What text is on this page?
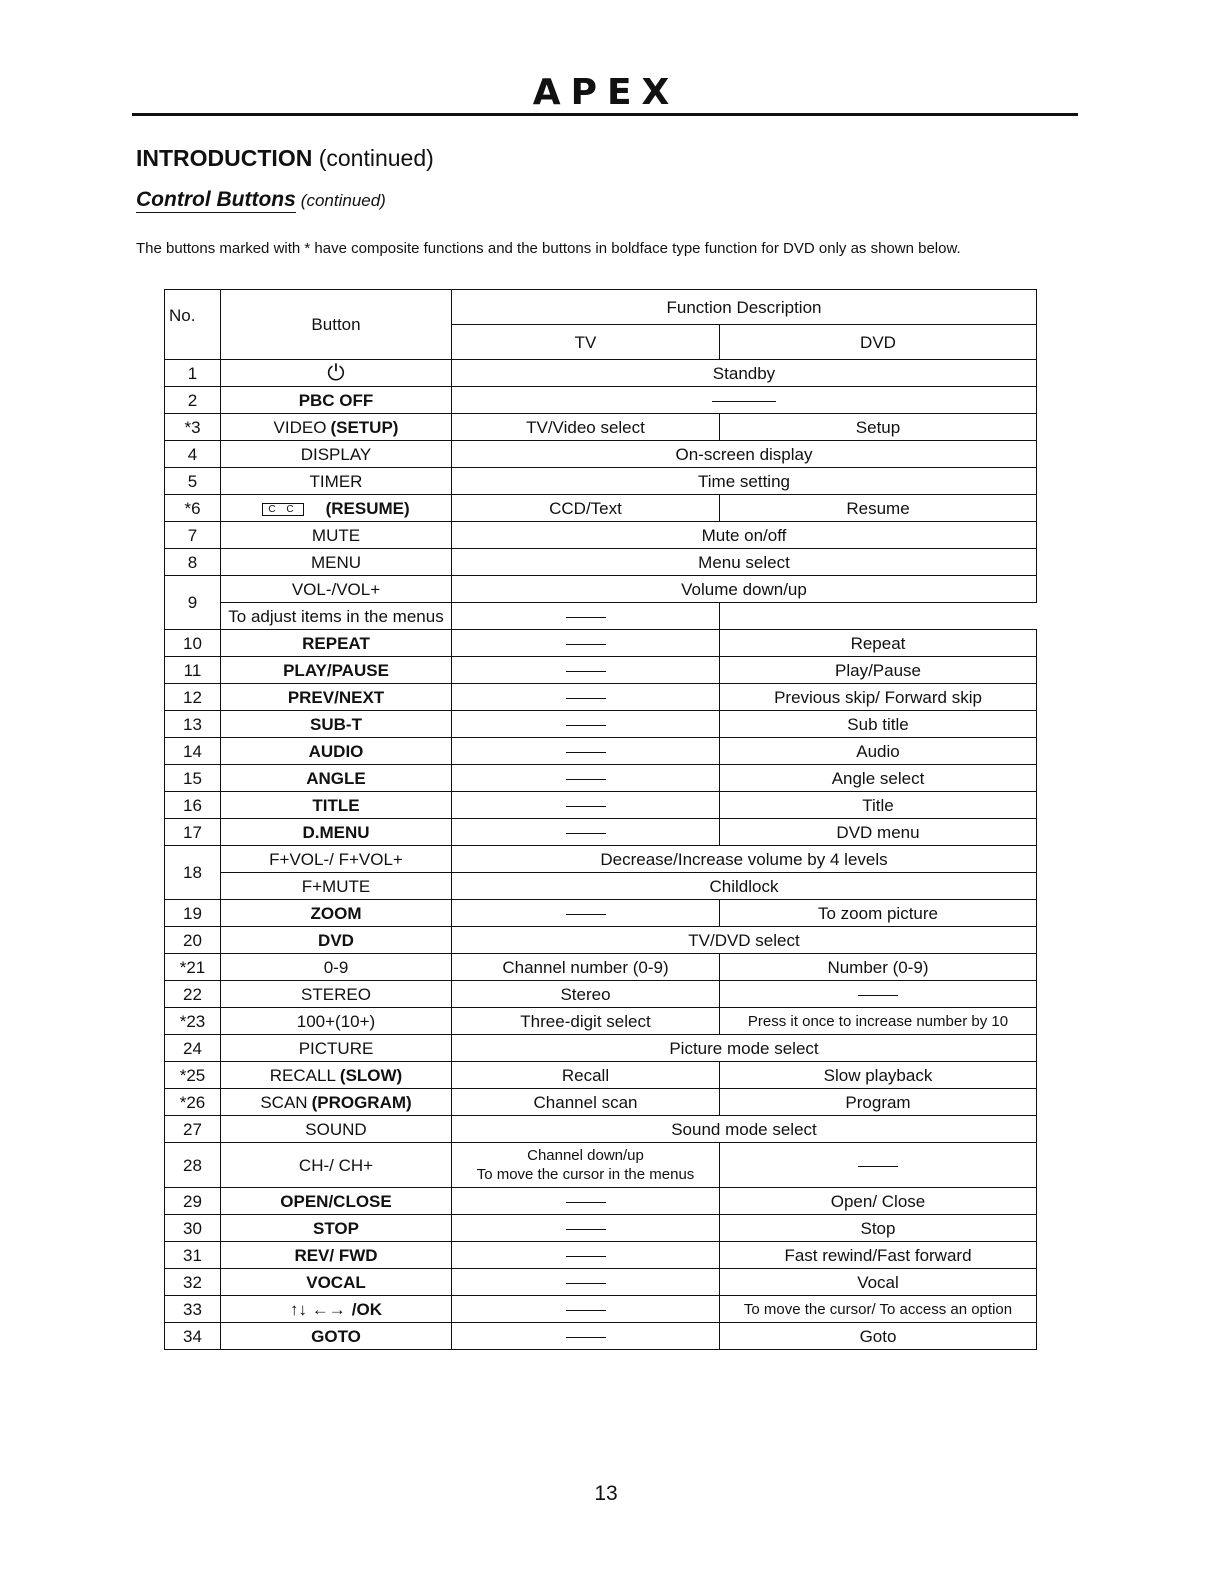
APEX
INTRODUCTION (continued)
Control Buttons (continued)
The buttons marked with * have composite functions and the buttons in boldface type function for DVD only as shown below.
No.	Button	Function Description	
		TV	DVD
1	⏻	Standby	
2	PBC OFF		
*3	VIDEO (SETUP)	TV/Video select	Setup
4	DISPLAY	On-screen display	
5	TIMER	Time setting	
*6	C C (RESUME)	CCD/Text	Resume
7	MUTE	Mute on/off	
8	MENU	Menu select	
9	VOL-/VOL+	Volume down/up	
	To adjust items in the menus		
10	REPEAT		Repeat
11	PLAY/PAUSE		Play/Pause
12	PREV/NEXT		Previous skip/ Forward skip
13	SUB-T		Sub title
14	AUDIO		Audio
15	ANGLE		Angle select
16	TITLE		Title
17	D.MENU		DVD menu
18	F+VOL-/ F+VOL+	Decrease/Increase volume by 4 levels	
	F+MUTE	Childlock	
19	ZOOM		To zoom picture
20	DVD	TV/DVD select	
*21	0-9	Channel number (0-9)	Number (0-9)
22	STEREO	Stereo	
*23	100+(10+)	Three-digit select	Press it once to increase number by 10
24	PICTURE	Picture mode select	
*25	RECALL (SLOW)	Recall	Slow playback
*26	SCAN (PROGRAM)	Channel scan	Program
27	SOUND	Sound mode select	
28	CH-/ CH+	Channel down/up
To move the cursor in the menus	

29	OPEN/CLOSE		Open/ Close
30	STOP		Stop
31	REV/ FWD		Fast rewind/Fast forward
32	VOCAL		Vocal
33	↑↓ ←→ /OK		To move the cursor/ To access an option
34	GOTO		Goto
13
